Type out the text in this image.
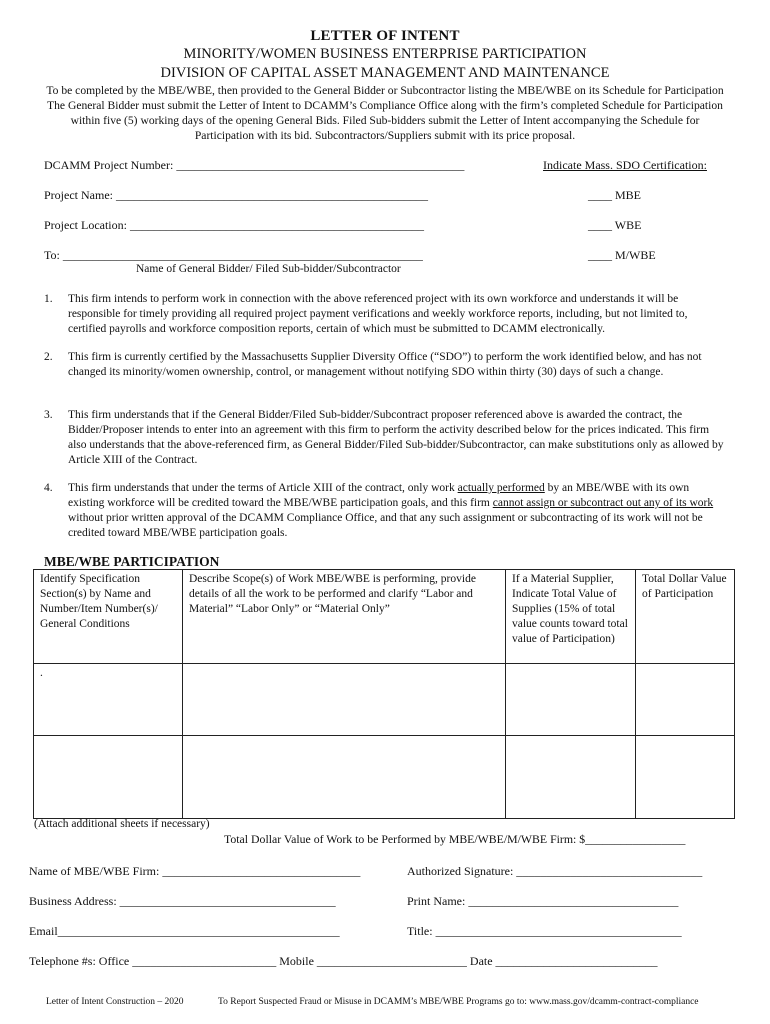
LETTER OF INTENT
MINORITY/WOMEN BUSINESS ENTERPRISE PARTICIPATION
DIVISION OF CAPITAL ASSET MANAGEMENT AND MAINTENANCE
To be completed by the MBE/WBE, then provided to the General Bidder or Subcontractor listing the MBE/WBE on its Schedule for Participation The General Bidder must submit the Letter of Intent to DCAMM’s Compliance Office along with the firm’s completed Schedule for Participation within five (5) working days of the opening General Bids. Filed Sub-bidders submit the Letter of Intent accompanying the Schedule for Participation with its bid. Subcontractors/Suppliers submit with its price proposal.
DCAMM Project Number: ________________________________________________	Indicate Mass. SDO Certification:
Project Name: ____________________________________________________	____ MBE
Project Location: _________________________________________________	____ WBE
To: ____________________________________________________________	____ M/WBE
Name of General Bidder/ Filed Sub-bidder/Subcontractor
1. This firm intends to perform work in connection with the above referenced project with its own workforce and understands it will be responsible for timely providing all required project payment verifications and weekly workforce reports, including, but not limited to, certified payrolls and workforce composition reports, certain of which must be submitted to DCAMM electronically.
2. This firm is currently certified by the Massachusetts Supplier Diversity Office (“SDO”) to perform the work identified below, and has not changed its minority/women ownership, control, or management without notifying SDO within thirty (30) days of such a change.
3. This firm understands that if the General Bidder/Filed Sub-bidder/Subcontract proposer referenced above is awarded the contract, the Bidder/Proposer intends to enter into an agreement with this firm to perform the activity described below for the prices indicated. This firm also understands that the above-referenced firm, as General Bidder/Filed Sub-bidder/Subcontractor, can make substitutions only as allowed by Article XIII of the Contract.
4. This firm understands that under the terms of Article XIII of the contract, only work actually performed by an MBE/WBE with its own existing workforce will be credited toward the MBE/WBE participation goals, and this firm cannot assign or subcontract out any of its work without prior written approval of the DCAMM Compliance Office, and that any such assignment or subcontracting of its work will not be credited toward MBE/WBE participation goals.
MBE/WBE PARTICIPATION
Identify Specification Section(s) by Name and Number/Item Number(s)/ General Conditions	Describe Scope(s) of Work MBE/WBE is performing, provide details of all the work to be performed and clarify “Labor and Material” “Labor Only” or “Material Only”	If a Material Supplier, Indicate Total Value of Supplies (15% of total value counts toward total value of Participation)	Total Dollar Value of Participation
.			

(Attach additional sheets if necessary)
Total Dollar Value of Work to be Performed by MBE/WBE/M/WBE Firm: $_________________
Name of MBE/WBE Firm: _________________________________	Authorized Signature: _______________________________
Business Address: ____________________________________	Print Name: ___________________________________
Email_______________________________________________	Title: _________________________________________
Telephone #s: Office ________________________ Mobile _________________________ Date ___________________________
Letter of Intent Construction – 2020	To Report Suspected Fraud or Misuse in DCAMM’s MBE/WBE Programs go to: www.mass.gov/dcamm-contract-compliance
